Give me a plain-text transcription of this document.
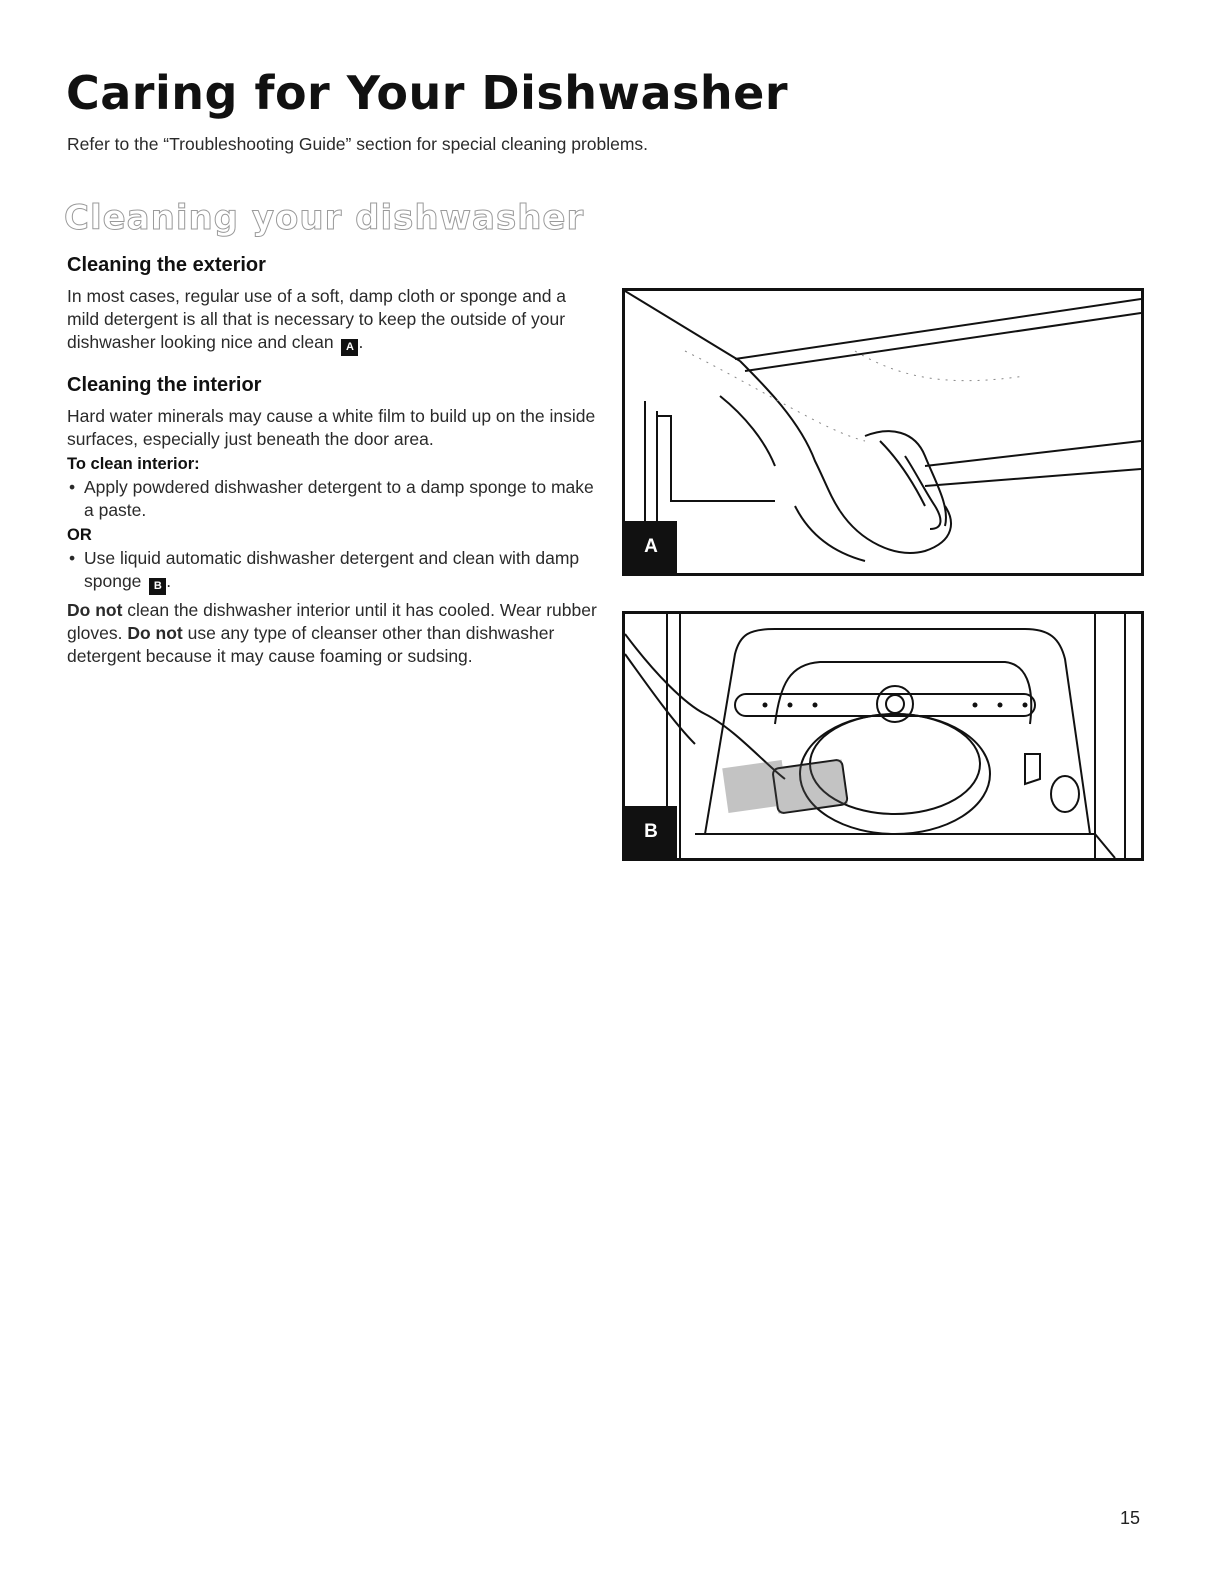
Caring for Your Dishwasher

Refer to the “Troubleshooting Guide” section for special cleaning problems.

Cleaning your dishwasher
Cleaning the exterior

In most cases, regular use of a soft, damp cloth or sponge and a mild detergent is all that is necessary to keep the outside of your dishwasher looking nice and clean A .

Cleaning the interior

Hard water minerals may cause a white film to build up on the inside surfaces, especially just beneath the door area.

To clean interior:
• Apply powdered dishwasher detergent to a damp sponge to make a paste.
OR
• Use liquid automatic dishwasher detergent and clean with damp sponge B .

Do not clean the dishwasher interior until it has cooled. Wear rubber gloves. Do not use any type of cleanser other than dishwasher detergent because it may cause foaming or sudsing.

A
B
15
